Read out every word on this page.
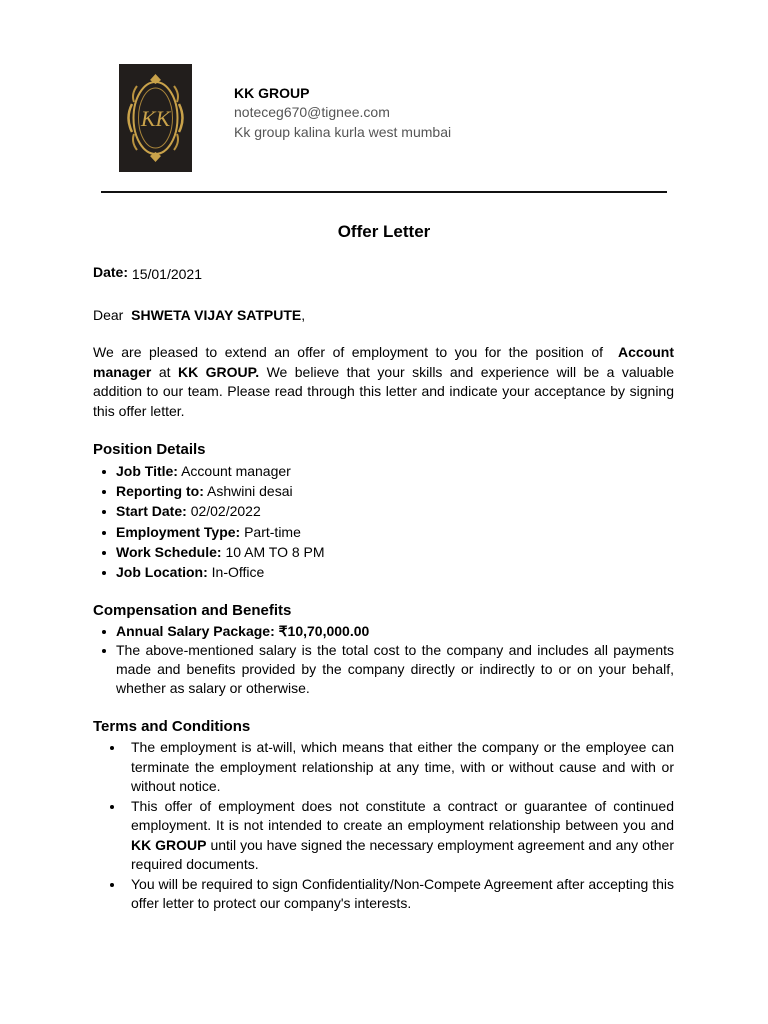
KK
KK GROUP
noteceg670@tignee.com
Kk group kalina kurla west mumbai
Offer Letter

Date: 15/01/2021

Dear SHWETA VIJAY SATPUTE,

We are pleased to extend an offer of employment to you for the position of Account manager at KK GROUP. We believe that your skills and experience will be a valuable addition to our team. Please read through this letter and indicate your acceptance by signing this offer letter.

Position Details
Job Title: Account manager
Reporting to: Ashwini desai
Start Date: 02/02/2022
Employment Type: Part-time
Work Schedule: 10 AM TO 8 PM
Job Location: In-Office
Compensation and Benefits
Annual Salary Package: ₹10,70,000.00
The above-mentioned salary is the total cost to the company and includes all payments made and benefits provided by the company directly or indirectly to or on your behalf, whether as salary or otherwise.
Terms and Conditions
The employment is at-will, which means that either the company or the employee can terminate the employment relationship at any time, with or without cause and with or without notice.
This offer of employment does not constitute a contract or guarantee of continued employment. It is not intended to create an employment relationship between you and KK GROUP until you have signed the necessary employment agreement and any other required documents.
You will be required to sign Confidentiality/Non-Compete Agreement after accepting this offer letter to protect our company's interests.
